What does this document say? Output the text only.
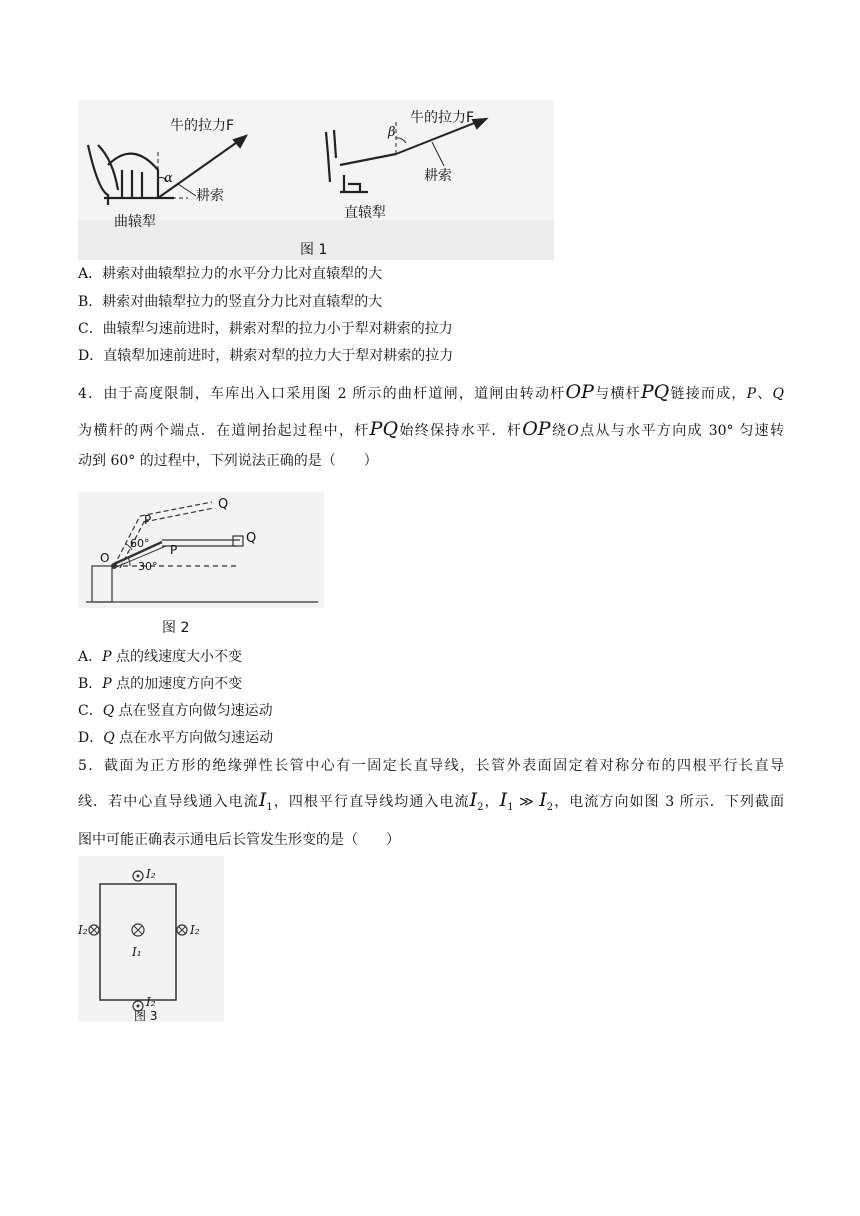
牛的拉力F
α
耕索
曲辕犁
牛的拉力F
β
耕索
直辕犁
图 1
A．耕索对曲辕犁拉力的水平分力比对直辕犁的大
B．耕索对曲辕犁拉力的竖直分力比对直辕犁的大
C．曲辕犁匀速前进时，耕索对犁的拉力小于犁对耕索的拉力
D．直辕犁加速前进时，耕索对犁的拉力大于犁对耕索的拉力
4．由于高度限制，车库出入口采用图 2 所示的曲杆道闸，道闸由转动杆OP与横杆PQ链接而成，P、Q
为横杆的两个端点．在道闸抬起过程中，杆PQ始终保持水平．杆OP绕O点从与水平方向成 30° 匀速转
动到 60° 的过程中，下列说法正确的是（　　）
Q
P
Q
P
O
60°
30°
图 2
A．P 点的线速度大小不变
B．P 点的加速度方向不变
C．Q 点在竖直方向做匀速运动
D．Q 点在水平方向做匀速运动
5．截面为正方形的绝缘弹性长管中心有一固定长直导线，长管外表面固定着对称分布的四根平行长直导
线．若中心直导线通入电流$I_1$，四根平行直导线均通入电流$I_2$，$I_1$ ≫ $I_2$，电流方向如图 3 所示．下列截面
图中可能正确表示通电后长管发生形变的是（　　）
I₂
I₂	I₂
I₁
I₂
图 3
